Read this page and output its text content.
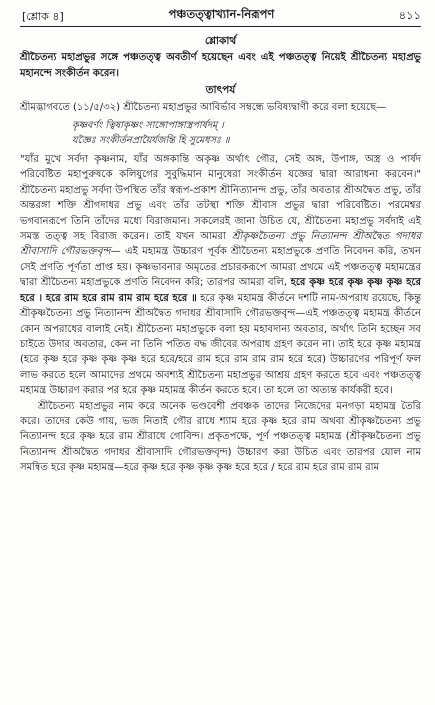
[শ্লোক ৪]	পঞ্চতত্ত্বাখ্যান-নিরূপণ	৪১১
শ্লোকার্থ

শ্রীচৈতন্য মহাপ্রভুর সঙ্গে পঞ্চতত্ত্ব অবতীর্ণ হয়েছেন এবং এই পঞ্চতত্ত্ব নিয়েই শ্রীচৈতন্য মহাপ্রভু মহানন্দে সংকীর্তন করেন।

তাৎপর্য

শ্রীমদ্ভাগবতে (১১/৫/৩২) শ্রীচৈতন্য মহাপ্রভুর আবির্ভাব সম্বন্ধে ভবিষ্যদ্বাণী করে বলা হয়েছে—

কৃষ্ণবর্ণং ত্বিষাকৃষ্ণং সাঙ্গোপাঙ্গাস্ত্রপার্ষদম্ ।
যজ্ঞৈঃ সংকীর্তনপ্রায়ৈর্যজন্তি হি সুমেধসঃ ॥

"যাঁর মুখে সর্বদা কৃষ্ণনাম, যাঁর অঙ্গকান্তি অকৃষ্ণ অর্থাৎ গৌর, সেই অঙ্গ, উপাঙ্গ, অস্ত্র ও পার্ষদ পরিবেষ্টিত মহাপুরুষকে কলিযুগের সুবুদ্ধিমান মানুষেরা সংকীর্তন যজ্ঞের দ্বারা আরাধনা করবেন।" শ্রীচৈতন্য মহাপ্রভু সর্বদা উপস্থিত তাঁর স্বরূপ-প্রকাশ শ্রীনিত্যানন্দ প্রভু, তাঁর অবতার শ্রীঅদ্বৈত প্রভু, তাঁর অন্তরঙ্গা শক্তি শ্রীগদাধর প্রভু এবং তাঁর তটস্থা শক্তি শ্রীবাস প্রভুর দ্বারা পরিবেষ্টিত। পরমেশ্বর ভগবানরূপে তিনি তাঁদের মধ্যে বিরাজমান। সকলেরই জানা উচিত যে, শ্রীচৈতন্য মহাপ্রভু সর্বদাই এই সমস্ত তত্ত্ব সহ বিরাজ করেন। তাই যখন আমরা শ্রীকৃষ্ণচৈতন্য প্রভু নিত্যানন্দ শ্রীঅদ্বৈত গদাধর শ্রীবাসাদি গৌরভক্তবৃন্দ— এই মহামন্ত্র উচ্চারণ পূর্বক শ্রীচৈতন্য মহাপ্রভুকে প্রণতি নিবেদন করি, তখন সেই প্রণতি পূর্ণতা প্রাপ্ত হয়। কৃষ্ণভাবনার অমৃতের প্রচারকরূপে আমরা প্রথমে এই পঞ্চতত্ত্ব মহামন্ত্রের দ্বারা শ্রীচৈতন্য মহাপ্রভুকে প্রণতি নিবেদন করি; তারপর আমরা বলি, হরে কৃষ্ণ হরে কৃষ্ণ কৃষ্ণ কৃষ্ণ হরে হরে । হরে রাম হরে রাম রাম রাম হরে হরে ॥ হরে কৃষ্ণ মহামন্ত্র কীর্তনে দশটি নাম-অপরাধ রয়েছে, কিন্তু শ্রীকৃষ্ণচৈতন্য প্রভু নিত্যানন্দ শ্রীঅদ্বৈত গদাধর শ্রীবাসাদি গৌরভক্তবৃন্দ—এই পঞ্চতত্ত্ব মহামন্ত্র কীর্তনে কোন অপরাধের বালাই নেই। শ্রীচৈতন্য মহাপ্রভুকে বলা হয় মহাবদান্য অবতার, অর্থাৎ তিনি হচ্ছেন সব চাইতে উদার অবতার, কেন না তিনি পতিত বদ্ধ জীবের অপরাধ গ্রহণ করেন না। তাই হরে কৃষ্ণ মহামন্ত্র (হরে কৃষ্ণ হরে কৃষ্ণ কৃষ্ণ কৃষ্ণ হরে হরে/হরে রাম হরে রাম রাম রাম হরে হরে) উচ্চারণের পরিপূর্ণ ফল লাভ করতে হলে আমাদের প্রথমে অবশ্যই শ্রীচৈতন্য মহাপ্রভুর আশ্রয় গ্রহণ করতে হবে এবং পঞ্চতত্ত্ব মহামন্ত্র উচ্চারণ করার পর হরে কৃষ্ণ মহামন্ত্র কীর্তন করতে হবে। তা হলে তা অত্যন্ত কার্যকরী হবে।

শ্রীচৈতন্য মহাপ্রভুর নাম করে অনেক ভণ্ডবেশী প্রবঞ্চক তাদের নিজেদের মনগড়া মহামন্ত্র তৈরি করে। তাদের কেউ গায়, ভজ নিতাই গৌর রাধে শ্যাম হরে কৃষ্ণ হরে রাম অথবা শ্রীকৃষ্ণচৈতন্য প্রভু নিত্যানন্দ হরে কৃষ্ণ হরে রাম শ্রীরাধে গোবিন্দ। প্রকৃতপক্ষে, পূর্ণ পঞ্চতত্ত্ব মহামন্ত্র (শ্রীকৃষ্ণচৈতন্য প্রভু নিত্যানন্দ শ্রীঅদ্বৈত গদাধর শ্রীবাসাদি গৌরভক্তবৃন্দ) উচ্চারণ করা উচিত এবং তারপর যোল নাম সমন্বিত হরে কৃষ্ণ মহামন্ত্র—হরে কৃষ্ণ হরে কৃষ্ণ কৃষ্ণ কৃষ্ণ হরে হরে / হরে রাম হরে রাম রাম রাম
